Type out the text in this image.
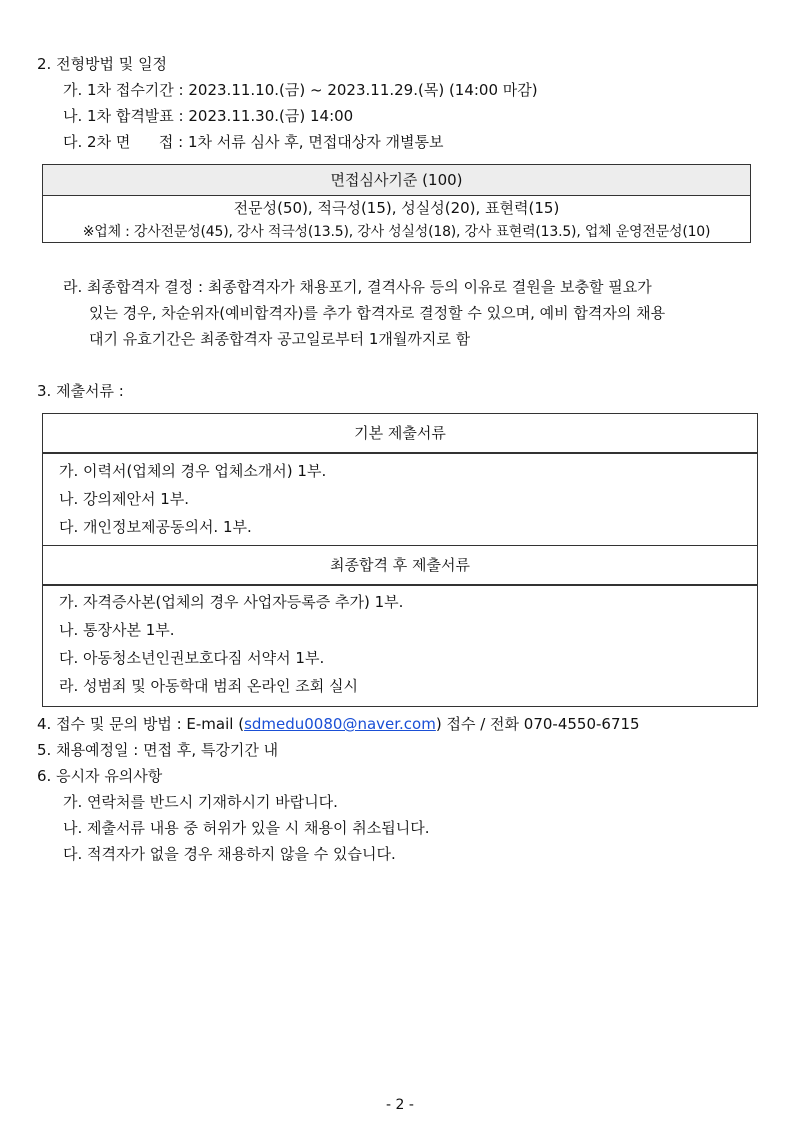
2. 전형방법 및 일정
가. 1차 접수기간 : 2023.11.10.(금) ~ 2023.11.29.(목) (14:00 마감)
나. 1차 합격발표 : 2023.11.30.(금) 14:00
다. 2차 면      접 : 1차 서류 심사 후, 면접대상자 개별통보
면접심사기준 (100)
전문성(50), 적극성(15), 성실성(20), 표현력(15)
※업체 : 강사전문성(45), 강사 적극성(13.5), 강사 성실성(18), 강사 표현력(13.5), 업체 운영전문성(10)
라. 최종합격자 결정 : 최종합격자가 채용포기, 결격사유 등의 이유로 결원을 보충할 필요가
있는 경우, 차순위자(예비합격자)를 추가 합격자로 결정할 수 있으며, 예비 합격자의 채용
대기 유효기간은 최종합격자 공고일로부터 1개월까지로 함
3. 제출서류 :
기본 제출서류
가. 이력서(업체의 경우 업체소개서) 1부.
나. 강의제안서 1부.
다. 개인정보제공동의서. 1부.
최종합격 후 제출서류
가. 자격증사본(업체의 경우 사업자등록증 추가) 1부.
나. 통장사본 1부.
다. 아동청소년인권보호다짐 서약서 1부.
라. 성범죄 및 아동학대 범죄 온라인 조회 실시
4. 접수 및 문의 방법 : E-mail (sdmedu0080@naver.com) 접수 / 전화 070-4550-6715
5. 채용예정일 : 면접 후, 특강기간 내
6. 응시자 유의사항
가. 연락처를 반드시 기재하시기 바랍니다.
나. 제출서류 내용 중 허위가 있을 시 채용이 취소됩니다.
다. 적격자가 없을 경우 채용하지 않을 수 있습니다.
- 2 -
